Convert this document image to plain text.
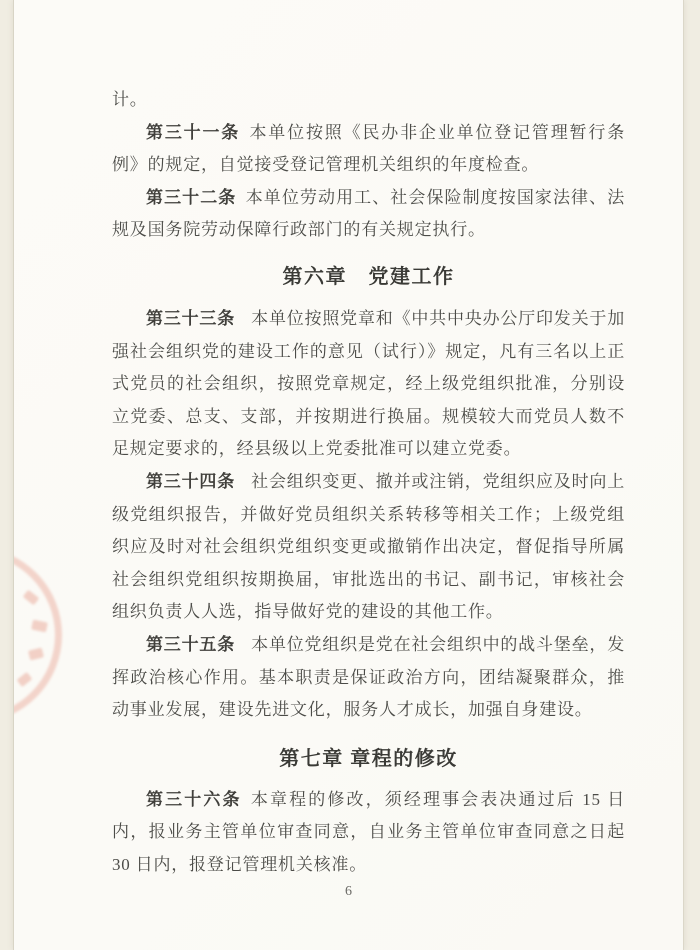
计。

第三十一条 本单位按照《民办非企业单位登记管理暂行条例》的规定，自觉接受登记管理机关组织的年度检查。

第三十二条 本单位劳动用工、社会保险制度按国家法律、法规及国务院劳动保障行政部门的有关规定执行。

第六章　党建工作

第三十三条 本单位按照党章和《中共中央办公厅印发关于加强社会组织党的建设工作的意见（试行）》规定，凡有三名以上正式党员的社会组织，按照党章规定，经上级党组织批准，分别设立党委、总支、支部，并按期进行换届。规模较大而党员人数不足规定要求的，经县级以上党委批准可以建立党委。

第三十四条 社会组织变更、撤并或注销，党组织应及时向上级党组织报告，并做好党员组织关系转移等相关工作；上级党组织应及时对社会组织党组织变更或撤销作出决定，督促指导所属社会组织党组织按期换届，审批选出的书记、副书记，审核社会组织负责人人选，指导做好党的建设的其他工作。

第三十五条 本单位党组织是党在社会组织中的战斗堡垒，发挥政治核心作用。基本职责是保证政治方向，团结凝聚群众，推动事业发展，建设先进文化，服务人才成长，加强自身建设。

第七章 章程的修改

第三十六条 本章程的修改，须经理事会表决通过后 15 日内，报业务主管单位审查同意，自业务主管单位审查同意之日起 30 日内，报登记管理机关核准。

6
